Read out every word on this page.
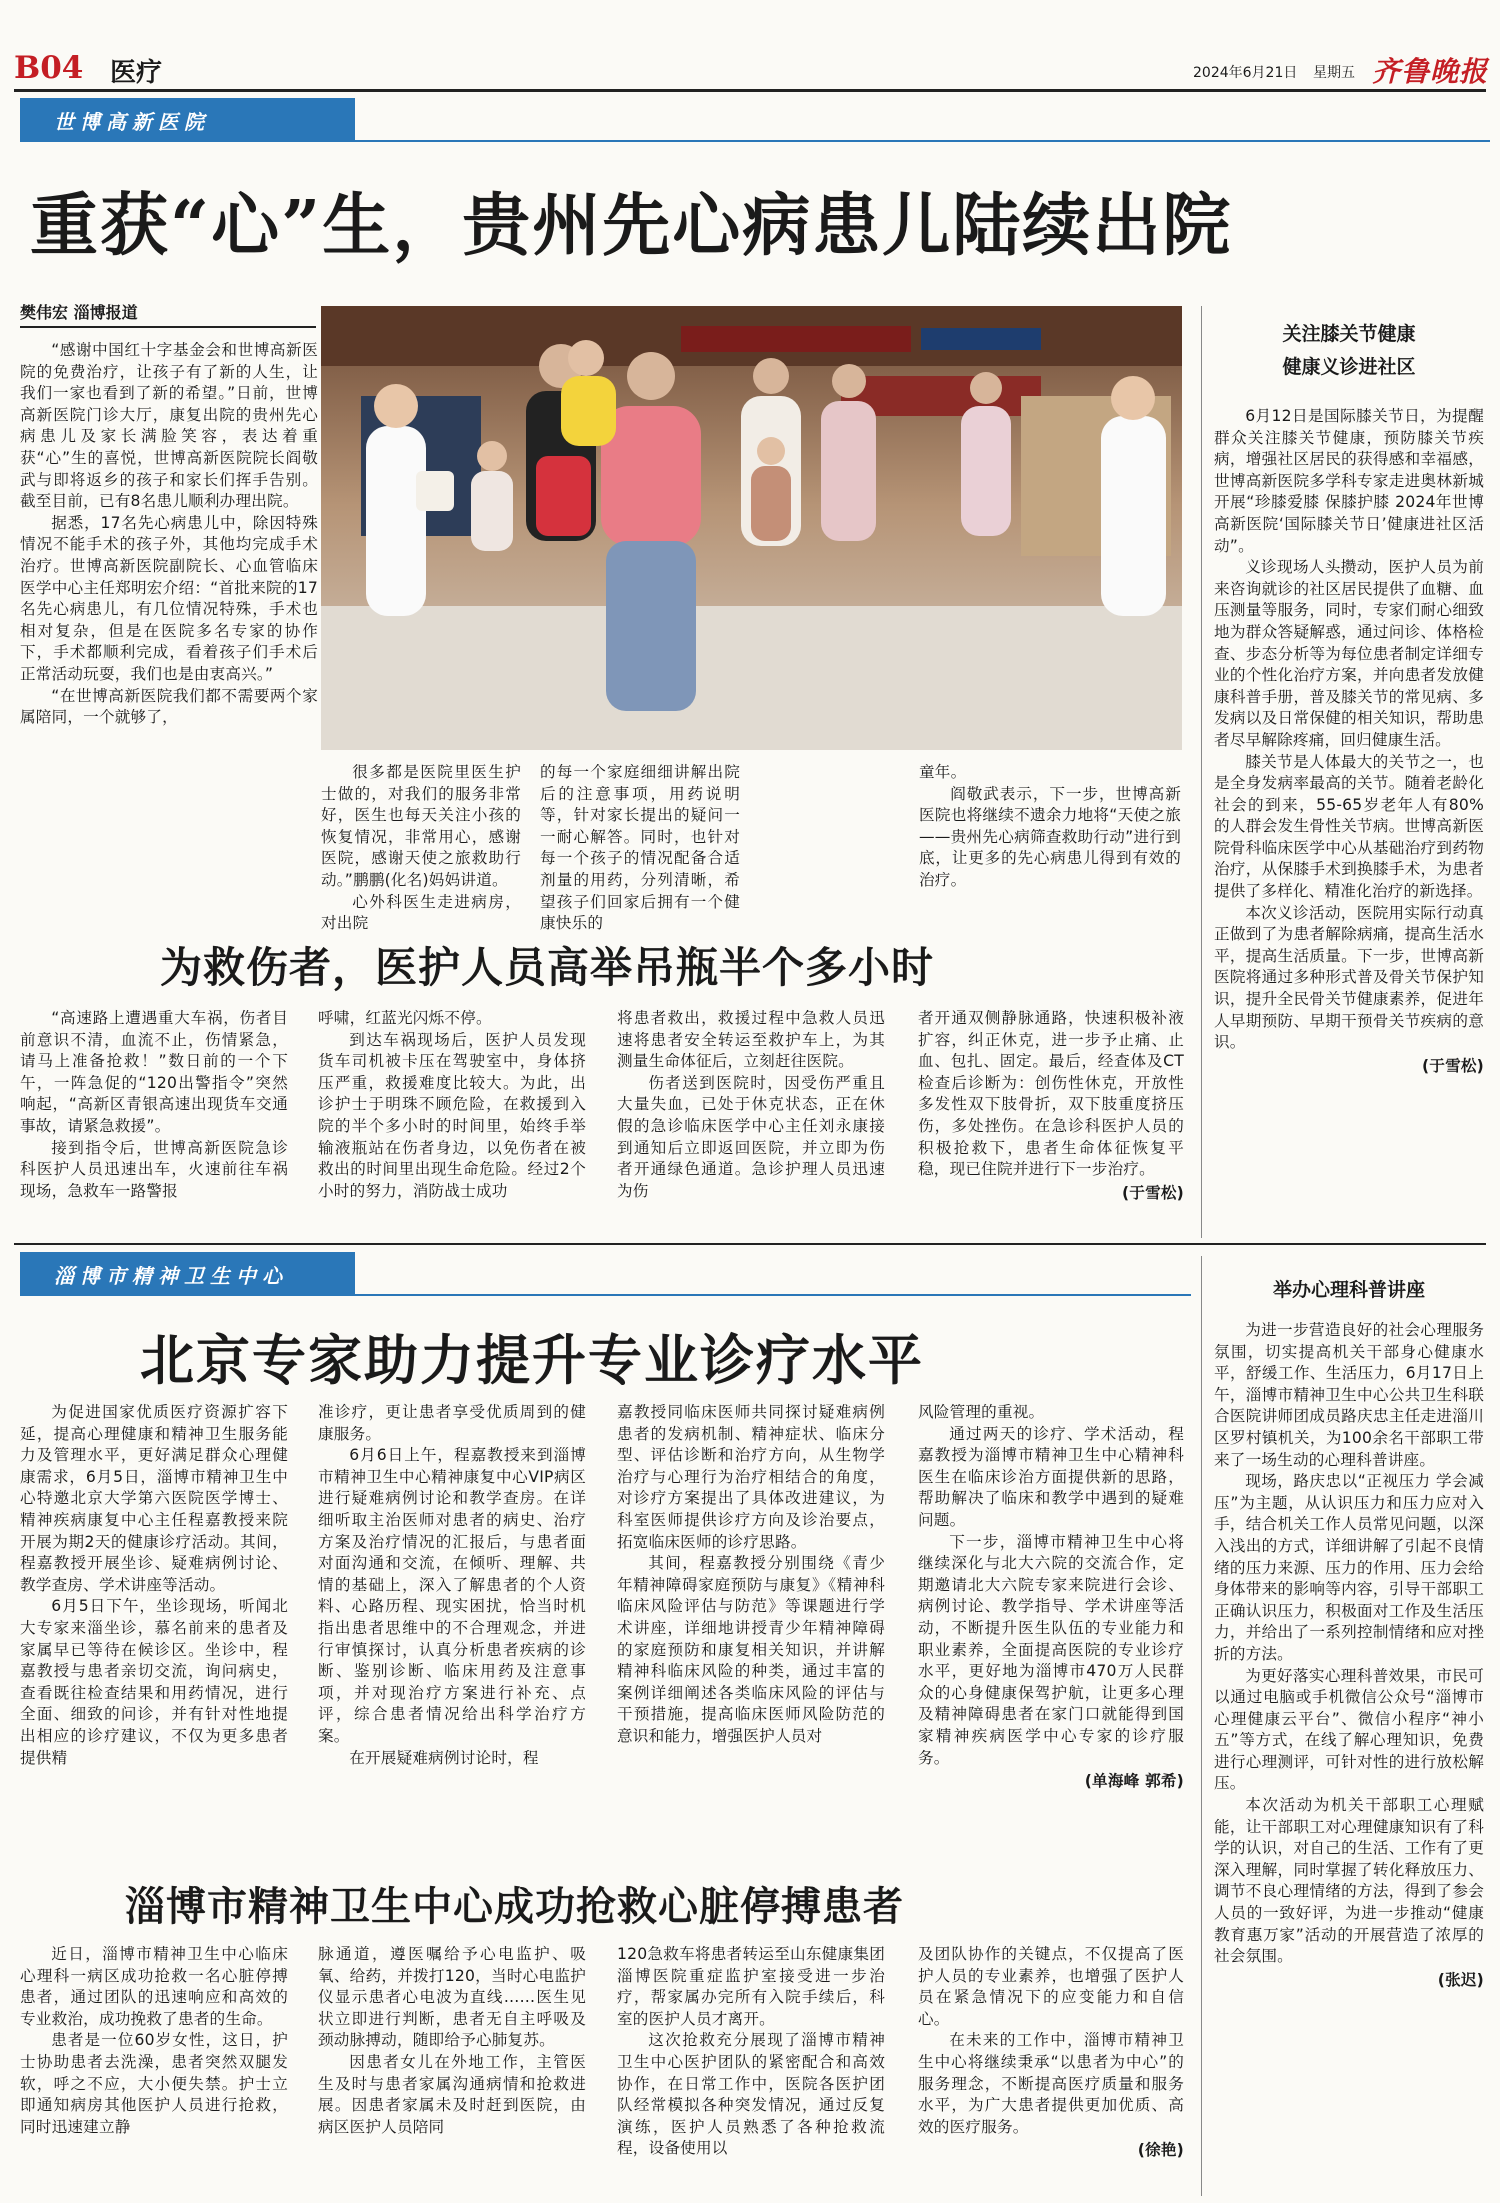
B04 医疗	2024年6月21日 星期五 齐鲁晚报
世博高新医院
重获“心”生，贵州先心病患儿陆续出院
樊伟宏 淄博报道

“感谢中国红十字基金会和世博高新医院的免费治疗，让孩子有了新的人生，让我们一家也看到了新的希望。”日前，世博高新医院门诊大厅，康复出院的贵州先心病患儿及家长满脸笑容，表达着重获“心”生的喜悦，世博高新医院院长阎敬武与即将返乡的孩子和家长们挥手告别。截至目前，已有8名患儿顺利办理出院。

据悉，17名先心病患儿中，除因特殊情况不能手术的孩子外，其他均完成手术治疗。世博高新医院副院长、心血管临床医学中心主任郑明宏介绍：“首批来院的17名先心病患儿，有几位情况特殊，手术也相对复杂，但是在医院多名专家的协作下，手术都顺利完成，看着孩子们手术后正常活动玩耍，我们也是由衷高兴。”

“在世博高新医院我们都不需要两个家属陪同，一个就够了，

很多都是医院里医生护士做的，对我们的服务非常好，医生也每天关注小孩的恢复情况，非常用心，感谢医院，感谢天使之旅救助行动。”鹏鹏(化名)妈妈讲道。

心外科医生走进病房，对出院

的每一个家庭细细讲解出院后的注意事项，用药说明等，针对家长提出的疑问一一耐心解答。同时，也针对每一个孩子的情况配备合适剂量的用药，分列清晰，希望孩子们回家后拥有一个健康快乐的

童年。

阎敬武表示，下一步，世博高新医院也将继续不遗余力地将“天使之旅——贵州先心病筛查救助行动”进行到底，让更多的先心病患儿得到有效的治疗。

关注膝关节健康
健康义诊进社区

6月12日是国际膝关节日，为提醒群众关注膝关节健康，预防膝关节疾病，增强社区居民的获得感和幸福感，世博高新医院多学科专家走进奥林新城开展“珍膝爱膝 保膝护膝 2024年世博高新医院‘国际膝关节日’健康进社区活动”。

义诊现场人头攒动，医护人员为前来咨询就诊的社区居民提供了血糖、血压测量等服务，同时，专家们耐心细致地为群众答疑解惑，通过问诊、体格检查、步态分析等为每位患者制定详细专业的个性化治疗方案，并向患者发放健康科普手册，普及膝关节的常见病、多发病以及日常保健的相关知识，帮助患者尽早解除疼痛，回归健康生活。

膝关节是人体最大的关节之一，也是全身发病率最高的关节。随着老龄化社会的到来，55-65岁老年人有80%的人群会发生骨性关节病。世博高新医院骨科临床医学中心从基础治疗到药物治疗，从保膝手术到换膝手术，为患者提供了多样化、精准化治疗的新选择。

本次义诊活动，医院用实际行动真正做到了为患者解除病痛，提高生活水平，提高生活质量。下一步，世博高新医院将通过多种形式普及骨关节保护知识，提升全民骨关节健康素养，促进年人早期预防、早期干预骨关节疾病的意识。

(于雪松)

为救伤者，医护人员高举吊瓶半个多小时

“高速路上遭遇重大车祸，伤者目前意识不清，血流不止，伤情紧急，请马上准备抢救！”数日前的一个下午，一阵急促的“120出警指令”突然响起，“高新区青银高速出现货车交通事故，请紧急救援”。

接到指令后，世博高新医院急诊科医护人员迅速出车，火速前往车祸现场，急救车一路警报

呼啸，红蓝光闪烁不停。

到达车祸现场后，医护人员发现货车司机被卡压在驾驶室中，身体挤压严重，救援难度比较大。为此，出诊护士于明珠不顾危险，在救援到入院的半个多小时的时间里，始终手举输液瓶站在伤者身边，以免伤者在被救出的时间里出现生命危险。经过2个小时的努力，消防战士成功

将患者救出，救援过程中急救人员迅速将患者安全转运至救护车上，为其测量生命体征后，立刻赶往医院。

伤者送到医院时，因受伤严重且大量失血，已处于休克状态，正在休假的急诊临床医学中心主任刘永康接到通知后立即返回医院，并立即为伤者开通绿色通道。急诊护理人员迅速为伤

者开通双侧静脉通路，快速积极补液扩容，纠正休克，进一步予止痛、止血、包扎、固定。最后，经查体及CT检查后诊断为：创伤性休克，开放性多发性双下肢骨折，双下肢重度挤压伤，多处挫伤。在急诊科医护人员的积极抢救下，患者生命体征恢复平稳，现已住院并进行下一步治疗。

(于雪松)

淄博市精神卫生中心
北京专家助力提升专业诊疗水平

为促进国家优质医疗资源扩容下延，提高心理健康和精神卫生服务能力及管理水平，更好满足群众心理健康需求，6月5日，淄博市精神卫生中心特邀北京大学第六医院医学博士、精神疾病康复中心主任程嘉教授来院开展为期2天的健康诊疗活动。其间，程嘉教授开展坐诊、疑难病例讨论、教学查房、学术讲座等活动。

6月5日下午，坐诊现场，听闻北大专家来淄坐诊，慕名前来的患者及家属早已等待在候诊区。坐诊中，程嘉教授与患者亲切交流，询问病史，查看既往检查结果和用药情况，进行全面、细致的问诊，并有针对性地提出相应的诊疗建议，不仅为更多患者提供精

准诊疗，更让患者享受优质周到的健康服务。

6月6日上午，程嘉教授来到淄博市精神卫生中心精神康复中心VIP病区进行疑难病例讨论和教学查房。在详细听取主治医师对患者的病史、治疗方案及治疗情况的汇报后，与患者面对面沟通和交流，在倾听、理解、共情的基础上，深入了解患者的个人资料、心路历程、现实困扰，恰当时机指出患者思维中的不合理观念，并进行审慎探讨，认真分析患者疾病的诊断、鉴别诊断、临床用药及注意事项，并对现治疗方案进行补充、点评，综合患者情况给出科学治疗方案。

在开展疑难病例讨论时，程

嘉教授同临床医师共同探讨疑难病例患者的发病机制、精神症状、临床分型、评估诊断和治疗方向，从生物学治疗与心理行为治疗相结合的角度，对诊疗方案提出了具体改进建议，为科室医师提供诊疗方向及诊治要点，拓宽临床医师的诊疗思路。

其间，程嘉教授分别围绕《青少年精神障碍家庭预防与康复》《精神科临床风险评估与防范》等课题进行学术讲座，详细地讲授青少年精神障碍的家庭预防和康复相关知识，并讲解精神科临床风险的种类，通过丰富的案例详细阐述各类临床风险的评估与干预措施，提高临床医师风险防范的意识和能力，增强医护人员对

风险管理的重视。

通过两天的诊疗、学术活动，程嘉教授为淄博市精神卫生中心精神科医生在临床诊治方面提供新的思路，帮助解决了临床和教学中遇到的疑难问题。

下一步，淄博市精神卫生中心将继续深化与北大六院的交流合作，定期邀请北大六院专家来院进行会诊、病例讨论、教学指导、学术讲座等活动，不断提升医生队伍的专业能力和职业素养，全面提高医院的专业诊疗水平，更好地为淄博市470万人民群众的心身健康保驾护航，让更多心理及精神障碍患者在家门口就能得到国家精神疾病医学中心专家的诊疗服务。

(单海峰 郭希)

淄博市精神卫生中心成功抢救心脏停搏患者

近日，淄博市精神卫生中心临床心理科一病区成功抢救一名心脏停搏患者，通过团队的迅速响应和高效的专业救治，成功挽救了患者的生命。

患者是一位60岁女性，这日，护士协助患者去洗澡，患者突然双腿发软，呼之不应，大小便失禁。护士立即通知病房其他医护人员进行抢救，同时迅速建立静

脉通道，遵医嘱给予心电监护、吸氧、给药，并拨打120，当时心电监护仪显示患者心电波为直线……医生见状立即进行判断，患者无自主呼吸及颈动脉搏动，随即给予心肺复苏。

因患者女儿在外地工作，主管医生及时与患者家属沟通病情和抢救进展。因患者家属未及时赶到医院，由病区医护人员陪同

120急救车将患者转运至山东健康集团淄博医院重症监护室接受进一步治疗，帮家属办完所有入院手续后，科室的医护人员才离开。

这次抢救充分展现了淄博市精神卫生中心医护团队的紧密配合和高效协作，在日常工作中，医院各医护团队经常模拟各种突发情况，通过反复演练，医护人员熟悉了各种抢救流程，设备使用以

及团队协作的关键点，不仅提高了医护人员的专业素养，也增强了医护人员在紧急情况下的应变能力和自信心。

在未来的工作中，淄博市精神卫生中心将继续秉承“以患者为中心”的服务理念，不断提高医疗质量和服务水平，为广大患者提供更加优质、高效的医疗服务。

(徐艳)

举办心理科普讲座

为进一步营造良好的社会心理服务氛围，切实提高机关干部身心健康水平，舒缓工作、生活压力，6月17日上午，淄博市精神卫生中心公共卫生科联合医院讲师团成员路庆忠主任走进淄川区罗村镇机关，为100余名干部职工带来了一场生动的心理科普讲座。

现场，路庆忠以“正视压力 学会减压”为主题，从认识压力和压力应对入手，结合机关工作人员常见问题，以深入浅出的方式，详细讲解了引起不良情绪的压力来源、压力的作用、压力会给身体带来的影响等内容，引导干部职工正确认识压力，积极面对工作及生活压力，并给出了一系列控制情绪和应对挫折的方法。

为更好落实心理科普效果，市民可以通过电脑或手机微信公众号“淄博市心理健康云平台”、微信小程序“神小五”等方式，在线了解心理知识，免费进行心理测评，可针对性的进行放松解压。

本次活动为机关干部职工心理赋能，让干部职工对心理健康知识有了科学的认识，对自己的生活、工作有了更深入理解，同时掌握了转化释放压力、调节不良心理情绪的方法，得到了参会人员的一致好评，为进一步推动“健康教育惠万家”活动的开展营造了浓厚的社会氛围。

(张迟)
